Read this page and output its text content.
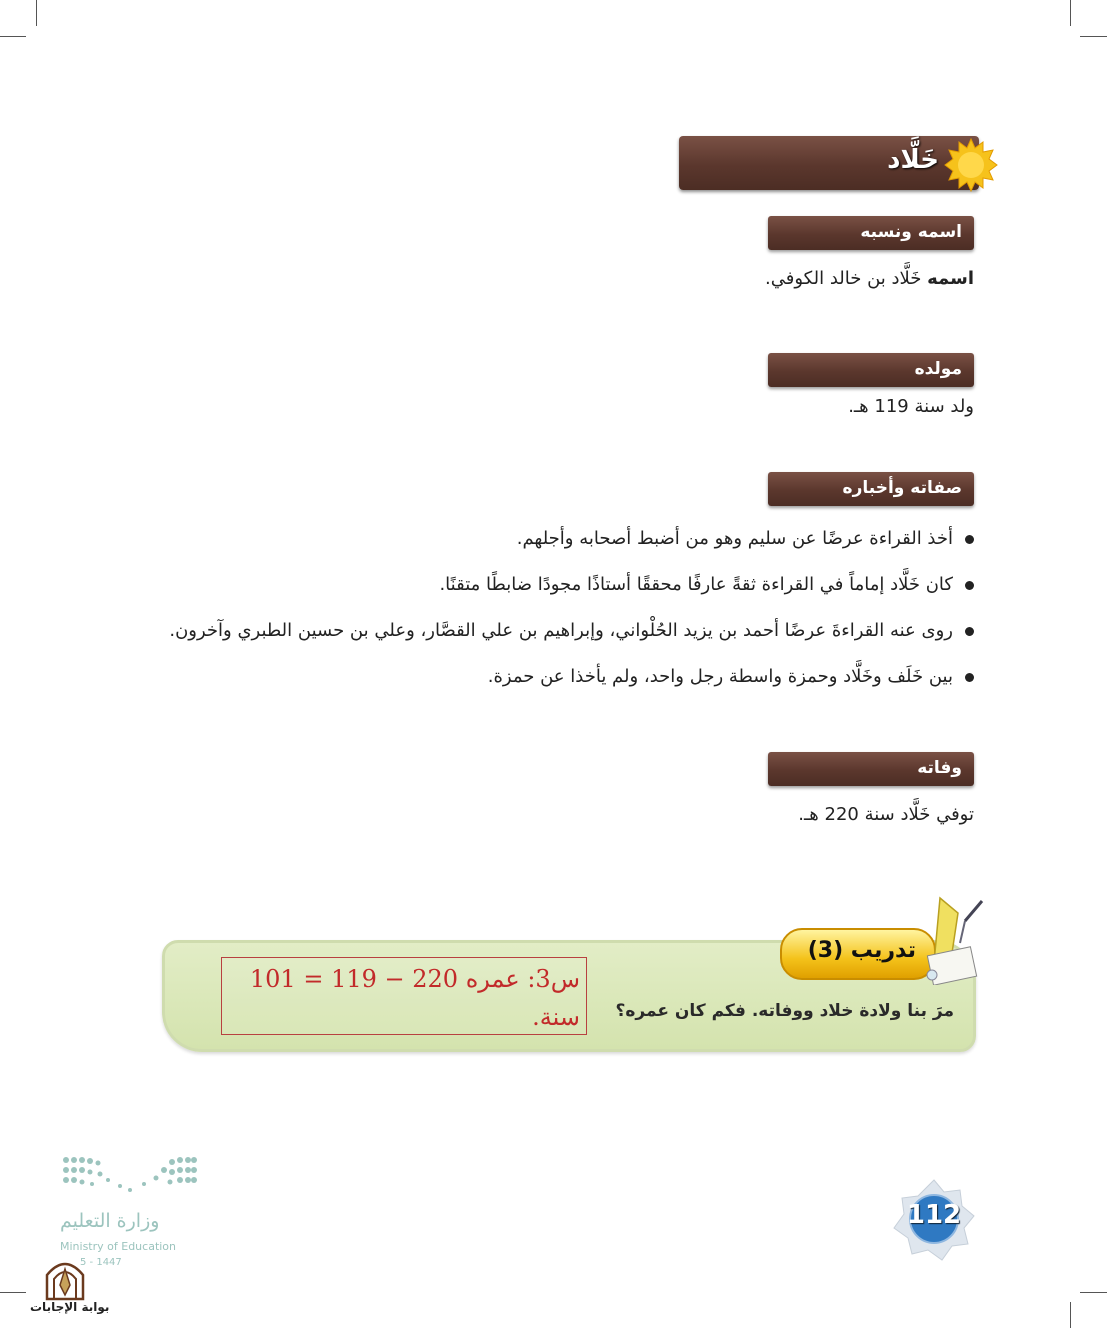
خَلَّاد
اسمه ونسبه
اسمه خَلَّاد بن خالد الكوفي.
مولده
ولد سنة 119 هـ.
صفاته وأخباره
أخذ القراءة عرضًا عن سليم وهو من أضبط أصحابه وأجلهم.
كان خَلَّاد إماماً في القراءة ثقةً عارفًا محققًا أستاذًا مجودًا ضابطًا متقنًا.
روى عنه القراءةَ عرضًا أحمد بن يزيد الحُلْواني، وإبراهيم بن علي القصَّار، وعلي بن حسين الطبري وآخرون.
بين خَلَف وخَلَّاد وحمزة واسطة رجل واحد، ولم يأخذا عن حمزة.
وفاته
توفي خَلَّاد سنة 220 هـ.
س3: عمره 220 − 119 = 101 سنة.
تدريب (3)
مرَ بنا ولادة خلاد ووفاته. فكم كان عمره؟
112
وزارة التعليم
Ministry of Education
5 - 1447
بوابة الإجابات
